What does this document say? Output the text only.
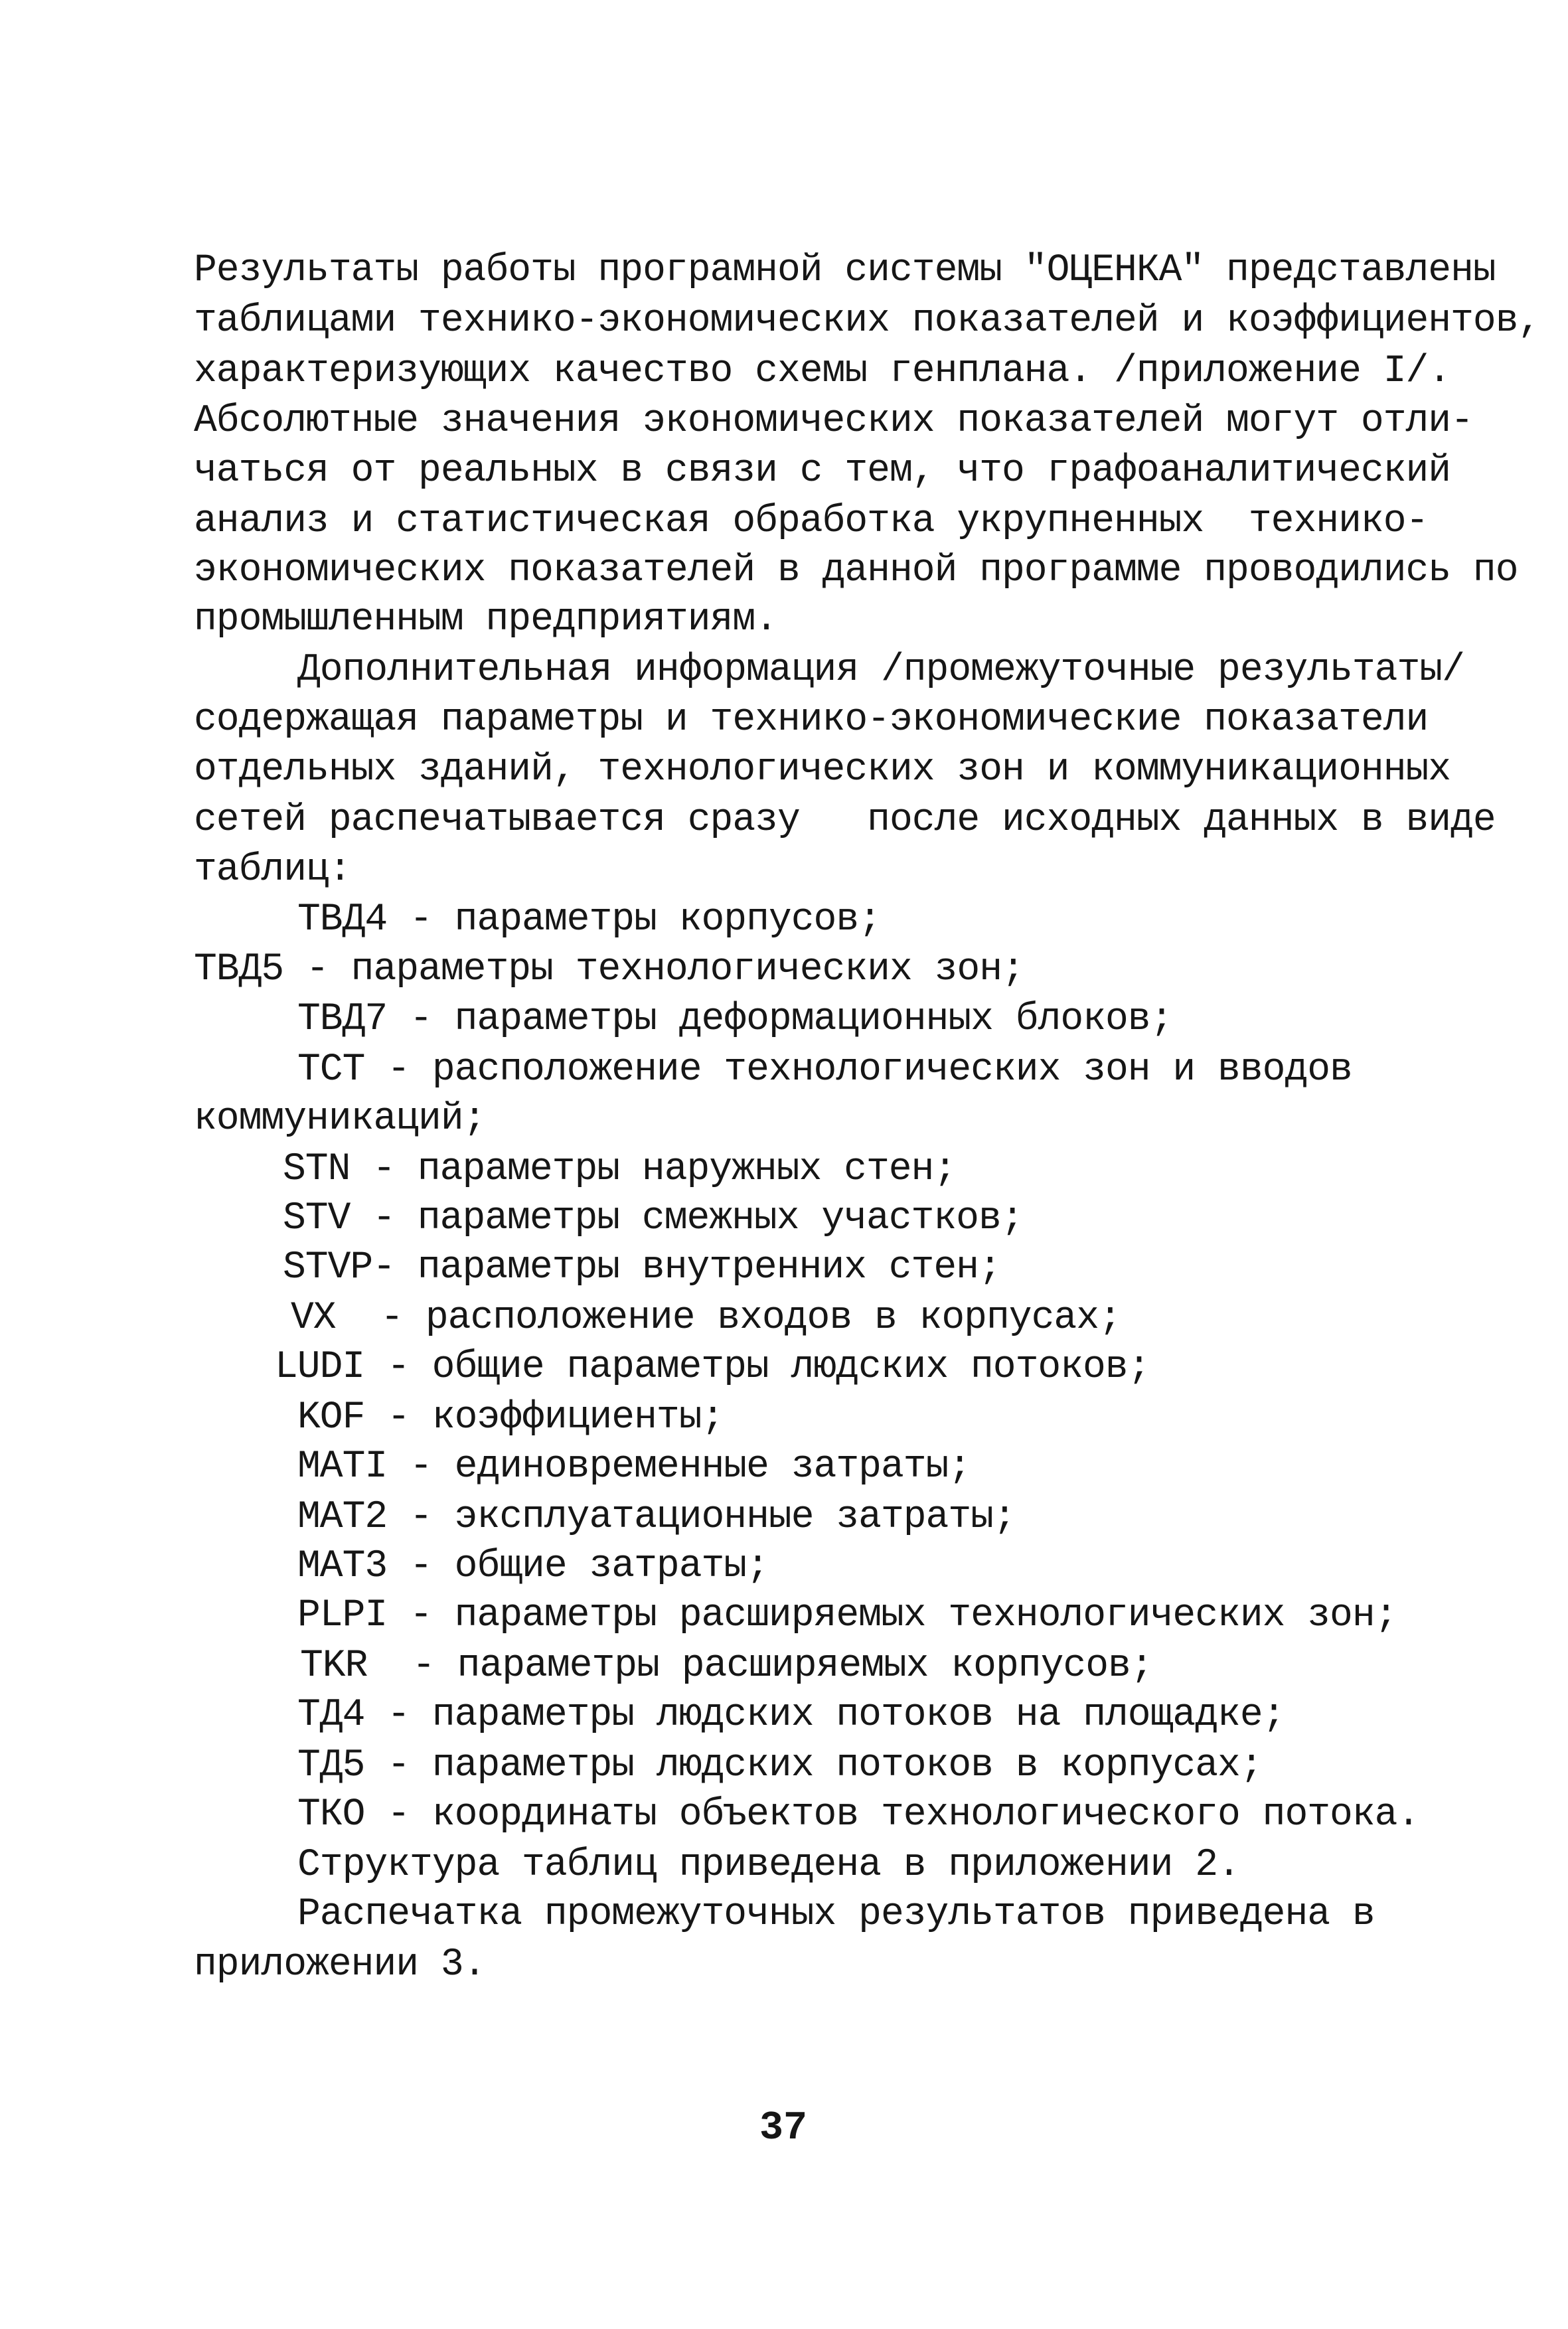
Результаты работы програмной системы "ОЦЕНКА" представлены
таблицами технико-экономических показателей и коэффициентов,
характеризующих качество схемы генплана. /приложение I/.
Абсолютные значения экономических показателей могут отли-
чаться от реальных в связи с тем, что графоаналитический
анализ и статистическая обработка укрупненных  технико-
экономических показателей в данной программе проводились по
промышленным предприятиям.
Дополнительная информация /промежуточные результаты/
содержащая параметры и технико-экономические показатели
отдельных зданий, технологических зон и коммуникационных
сетей распечатывается сразу   после исходных данных в виде
таблиц:
ТВД4 - параметры корпусов;
ТВД5 - параметры технологических зон;
ТВД7 - параметры деформационных блоков;
ТСТ - расположение технологических зон и вводов
коммуникаций;
STN - параметры наружных стен;
STV - параметры смежных участков;
STVP- параметры внутренних стен;
VX  - расположение входов в корпусах;
LUDI - общие параметры людских потоков;
KOF - коэффициенты;
MATI - единовременные затраты;
MAT2 - эксплуатационные затраты;
MAT3 - общие затраты;
PLPI - параметры расширяемых технологических зон;
TKR  - параметры расширяемых корпусов;
ТД4 - параметры людских потоков на площадке;
ТД5 - параметры людских потоков в корпусах;
ТКО - координаты объектов технологического потока.
Структура таблиц приведена в приложении 2.
Распечатка промежуточных результатов приведена в
приложении 3.
37
